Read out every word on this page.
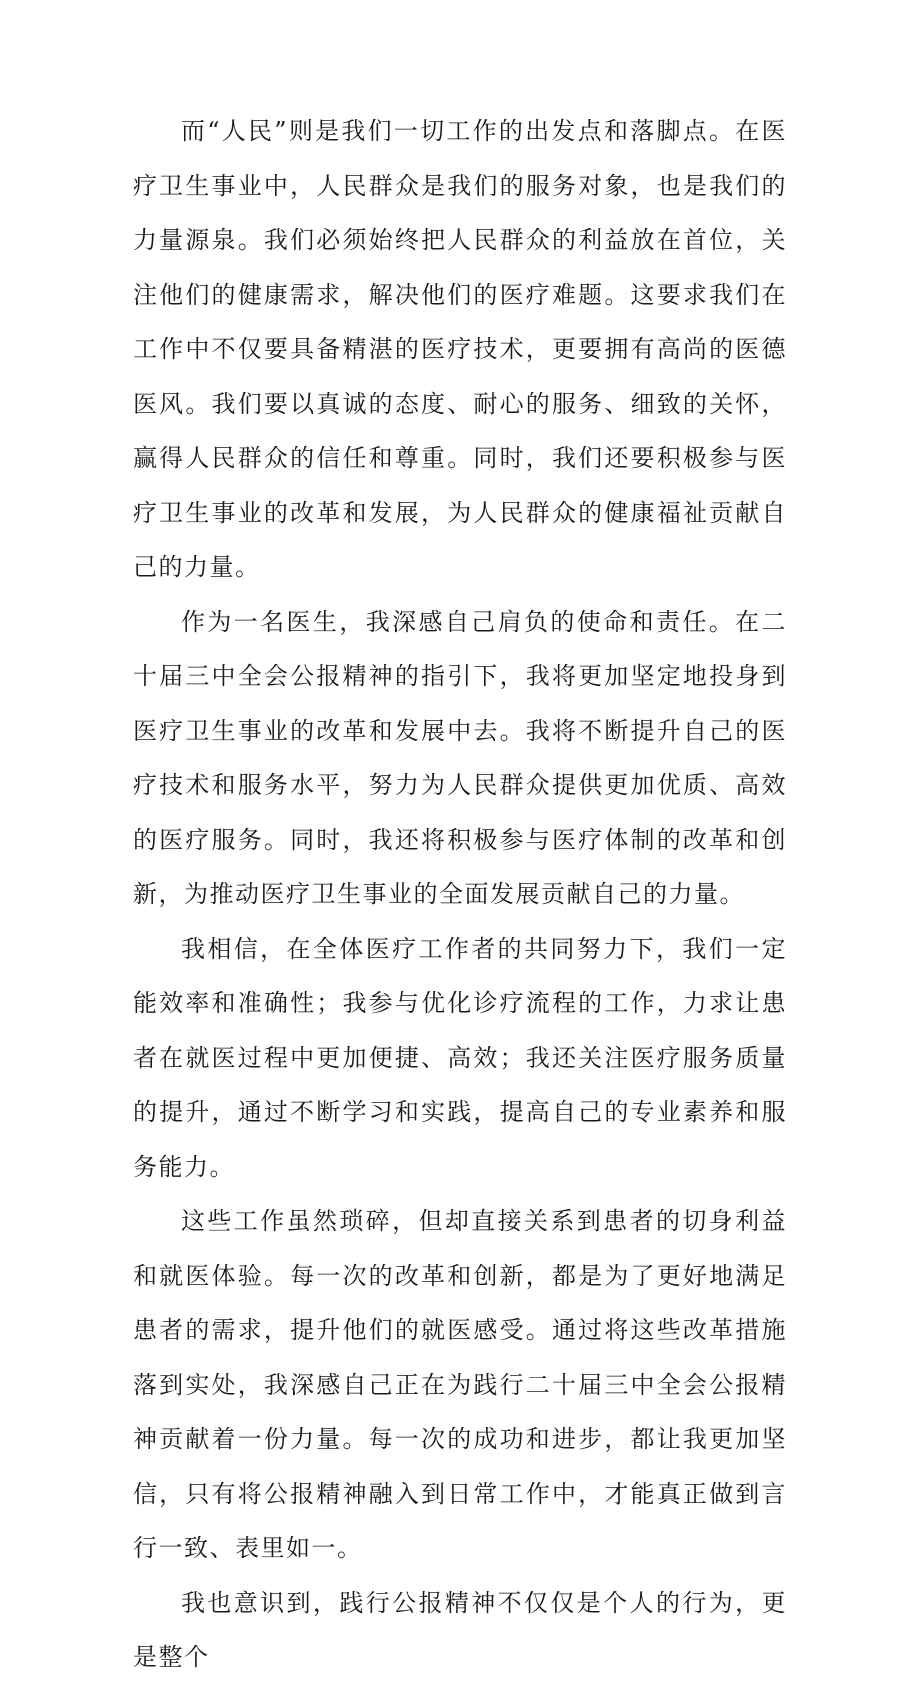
而“人民”则是我们一切工作的出发点和落脚点。在医疗卫生事业中，人民群众是我们的服务对象，也是我们的力量源泉。我们必须始终把人民群众的利益放在首位，关注他们的健康需求，解决他们的医疗难题。这要求我们在工作中不仅要具备精湛的医疗技术，更要拥有高尚的医德医风。我们要以真诚的态度、耐心的服务、细致的关怀，赢得人民群众的信任和尊重。同时，我们还要积极参与医疗卫生事业的改革和发展，为人民群众的健康福祉贡献自己的力量。

作为一名医生，我深感自己肩负的使命和责任。在二十届三中全会公报精神的指引下，我将更加坚定地投身到医疗卫生事业的改革和发展中去。我将不断提升自己的医疗技术和服务水平，努力为人民群众提供更加优质、高效的医疗服务。同时，我还将积极参与医疗体制的改革和创新，为推动医疗卫生事业的全面发展贡献自己的力量。

我相信，在全体医疗工作者的共同努力下，我们一定能效率和准确性；我参与优化诊疗流程的工作，力求让患者在就医过程中更加便捷、高效；我还关注医疗服务质量的提升，通过不断学习和实践，提高自己的专业素养和服务能力。

这些工作虽然琐碎，但却直接关系到患者的切身利益和就医体验。每一次的改革和创新，都是为了更好地满足患者的需求，提升他们的就医感受。通过将这些改革措施落到实处，我深感自己正在为践行二十届三中全会公报精神贡献着一份力量。每一次的成功和进步，都让我更加坚信，只有将公报精神融入到日常工作中，才能真正做到言行一致、表里如一。

我也意识到，践行公报精神不仅仅是个人的行为，更是整个
